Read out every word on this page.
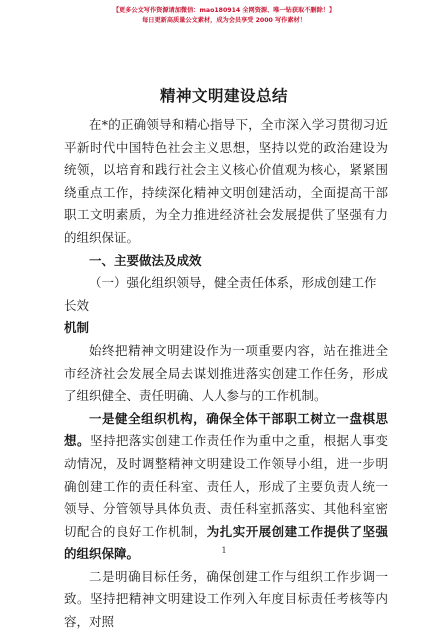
【更多公文写作资源请加微信：mao180914 全网资源、唯一钻获取不删除！】
每日更新高质量公文素材，成为会员享受 2000 写作素材！
精神文明建设总结

在*的正确领导和精心指导下，全市深入学习贯彻习近平新时代中国特色社会主义思想，坚持以党的政治建设为统领，以培育和践行社会主义核心价值观为核心，紧紧围绕重点工作，持续深化精神文明创建活动，全面提高干部职工文明素质，为全力推进经济社会发展提供了坚强有力的组织保证。

一、主要做法及成效

（一）强化组织领导，健全责任体系，形成创建工作长效

机制

始终把精神文明建设作为一项重要内容，站在推进全市经济社会发展全局去谋划推进落实创建工作任务，形成了组织健全、责任明确、人人参与的工作机制。

一是健全组织机构，确保全体干部职工树立一盘棋思想。坚持把落实创建工作责任作为重中之重，根据人事变动情况，及时调整精神文明建设工作领导小组，进一步明确创建工作的责任科室、责任人，形成了主要负责人统一领导、分管领导具体负责、责任科室抓落实、其他科室密切配合的良好工作机制，为扎实开展创建工作提供了坚强的组织保障。

二是明确目标任务，确保创建工作与组织工作步调一致。坚持把精神文明建设工作列入年度目标责任考核等内容，对照

1
